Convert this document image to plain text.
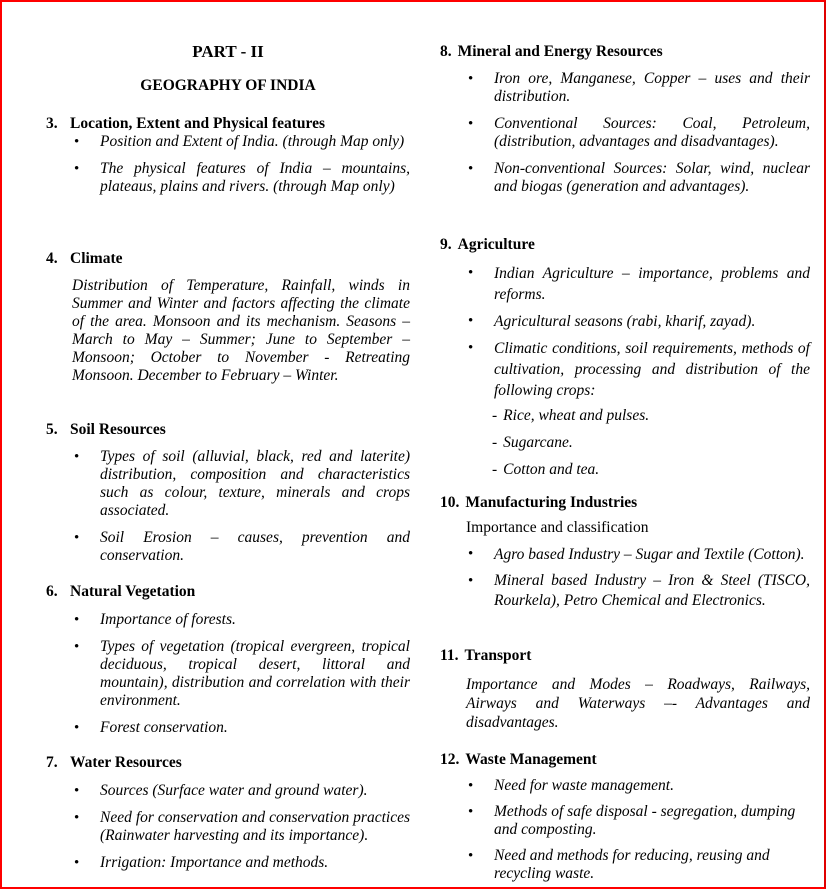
PART - II
GEOGRAPHY OF INDIA
3. Location, Extent and Physical features
• Position and Extent of India. (through Map only)
• The physical features of India – mountains, plateaus, plains and rivers. (through Map only)
4. Climate
Distribution of Temperature, Rainfall, winds in Summer and Winter and factors affecting the climate of the area. Monsoon and its mechanism. Seasons –March to May – Summer; June to September – Monsoon; October to November - Retreating Monsoon. December to February – Winter.
5. Soil Resources
• Types of soil (alluvial, black, red and laterite) distribution, composition and characteristics such as colour, texture, minerals and crops associated.
• Soil Erosion – causes, prevention and conservation.
6. Natural Vegetation
• Importance of forests.
• Types of vegetation (tropical evergreen, tropical deciduous, tropical desert, littoral and mountain), distribution and correlation with their environment.
• Forest conservation.
7. Water Resources
• Sources (Surface water and ground water).
• Need for conservation and conservation practices (Rainwater harvesting and its importance).
• Irrigation: Importance and methods.
8. Mineral and Energy Resources
• Iron ore, Manganese, Copper – uses and their distribution.
• Conventional Sources: Coal, Petroleum, (distribution, advantages and disadvantages).
• Non-conventional Sources: Solar, wind, nuclear and biogas (generation and advantages).
9. Agriculture
• Indian Agriculture – importance, problems and reforms.
• Agricultural seasons (rabi, kharif, zayad).
• Climatic conditions, soil requirements, methods of cultivation, processing and distribution of the following crops:
- Rice, wheat and pulses.
- Sugarcane.
- Cotton and tea.
10. Manufacturing Industries
Importance and classification
• Agro based Industry – Sugar and Textile (Cotton).
• Mineral based Industry – Iron & Steel (TISCO, Rourkela), Petro Chemical and Electronics.
11. Transport
Importance and Modes – Roadways, Railways, Airways and Waterways –- Advantages and disadvantages.
12. Waste Management
• Need for waste management.
• Methods of safe disposal - segregation, dumping and composting.
• Need and methods for reducing, reusing and recycling waste.
